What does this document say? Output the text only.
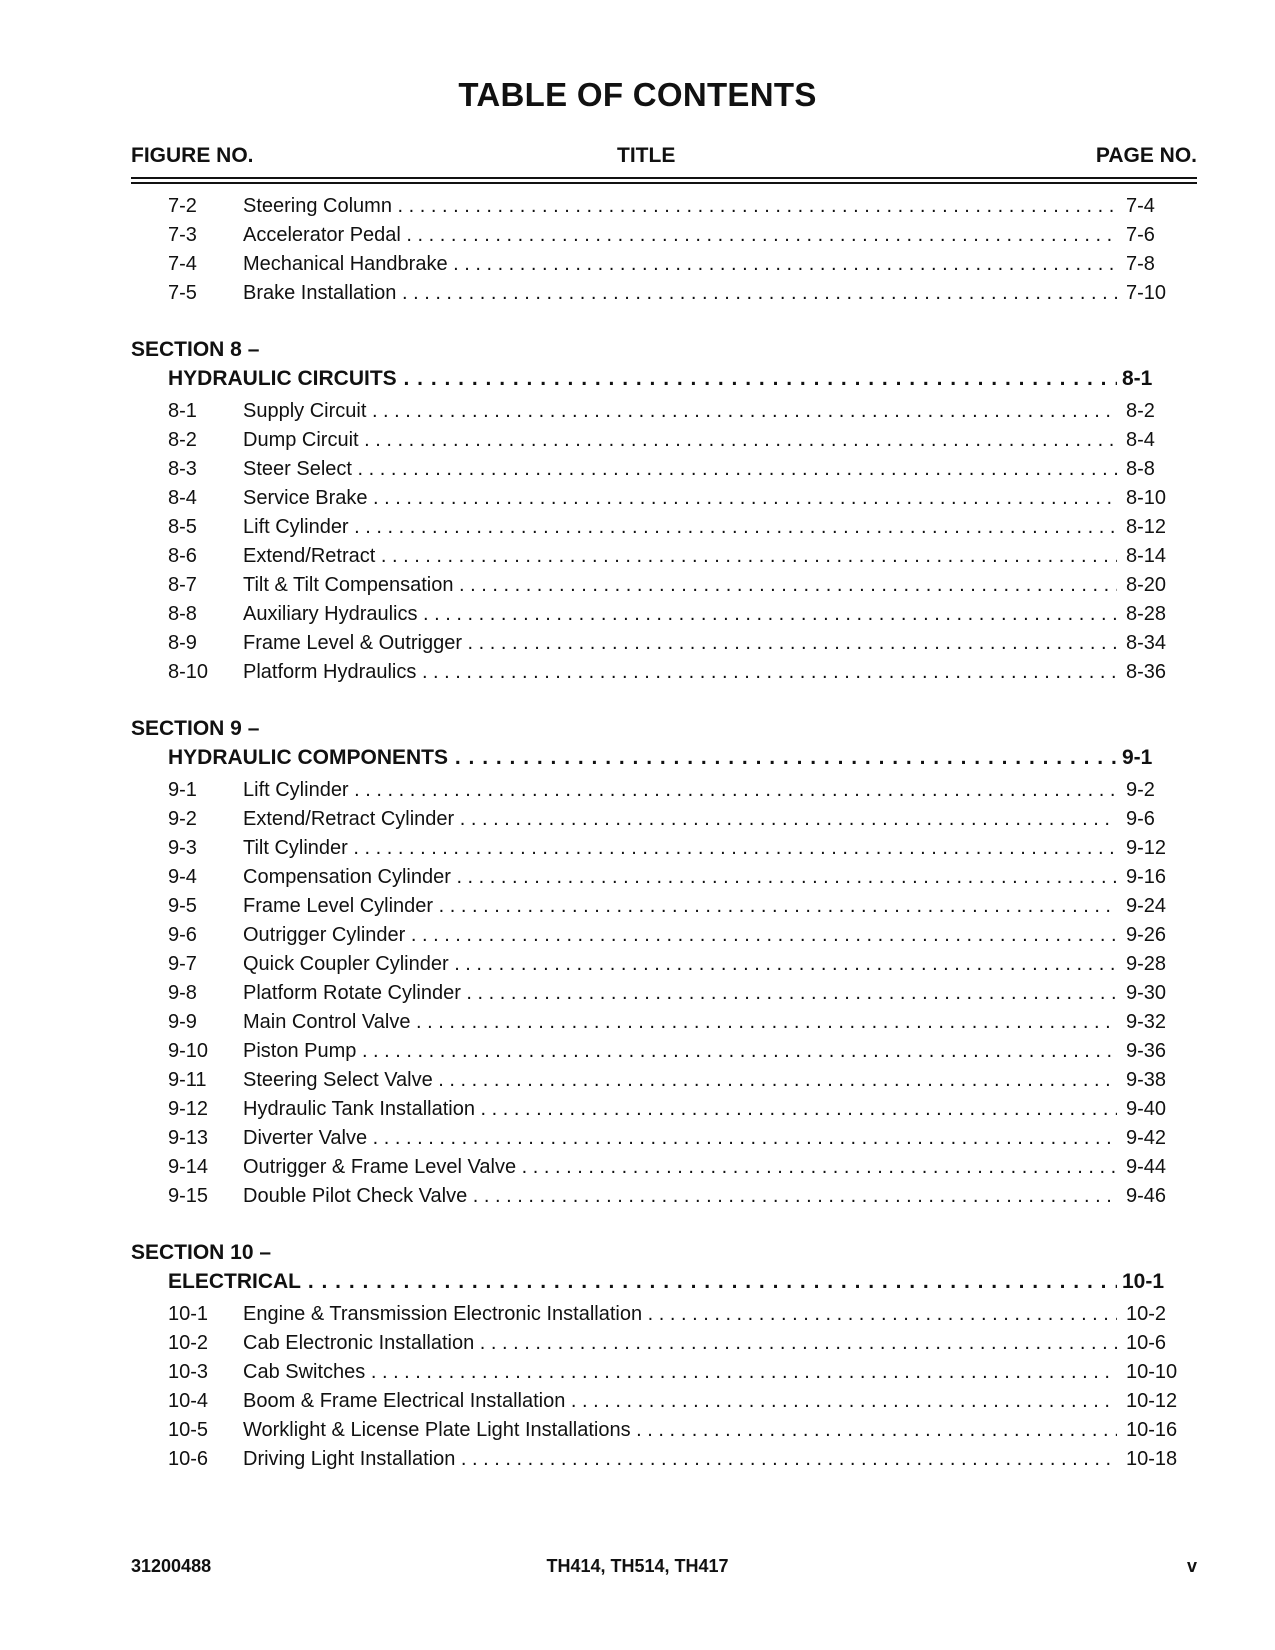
TABLE OF CONTENTS
FIGURE NO.	TITLE	PAGE NO.
7-2 Steering Column . . .	7-4
7-3 Accelerator Pedal . . .	7-6
7-4 Mechanical Handbrake . . .	7-8
7-5 Brake Installation . . .	7-10
SECTION 8 –
HYDRAULIC CIRCUITS . . .	8-1
8-1 Supply Circuit . . .	8-2
8-2 Dump Circuit . . .	8-4
8-3 Steer Select . . .	8-8
8-4 Service Brake . . .	8-10
8-5 Lift Cylinder . . .	8-12
8-6 Extend/Retract . . .	8-14
8-7 Tilt & Tilt Compensation . . .	8-20
8-8 Auxiliary Hydraulics . . .	8-28
8-9 Frame Level & Outrigger . . .	8-34
8-10 Platform Hydraulics . . .	8-36
SECTION 9 –
HYDRAULIC COMPONENTS . . .	9-1
9-1 Lift Cylinder . . .	9-2
9-2 Extend/Retract Cylinder . . .	9-6
9-3 Tilt Cylinder . . .	9-12
9-4 Compensation Cylinder . . .	9-16
9-5 Frame Level Cylinder . . .	9-24
9-6 Outrigger Cylinder . . .	9-26
9-7 Quick Coupler Cylinder . . .	9-28
9-8 Platform Rotate Cylinder . . .	9-30
9-9 Main Control Valve . . .	9-32
9-10 Piston Pump . . .	9-36
9-11 Steering Select Valve . . .	9-38
9-12 Hydraulic Tank Installation . . .	9-40
9-13 Diverter Valve . . .	9-42
9-14 Outrigger & Frame Level Valve . . .	9-44
9-15 Double Pilot Check Valve . . .	9-46
SECTION 10 –
ELECTRICAL . . .	10-1
10-1 Engine & Transmission Electronic Installation . . .	10-2
10-2 Cab Electronic Installation . . .	10-6
10-3 Cab Switches . . .	10-10
10-4 Boom & Frame Electrical Installation . . .	10-12
10-5 Worklight & License Plate Light Installations . . .	10-16
10-6 Driving Light Installation . . .	10-18
31200488	TH414, TH514, TH417	v
